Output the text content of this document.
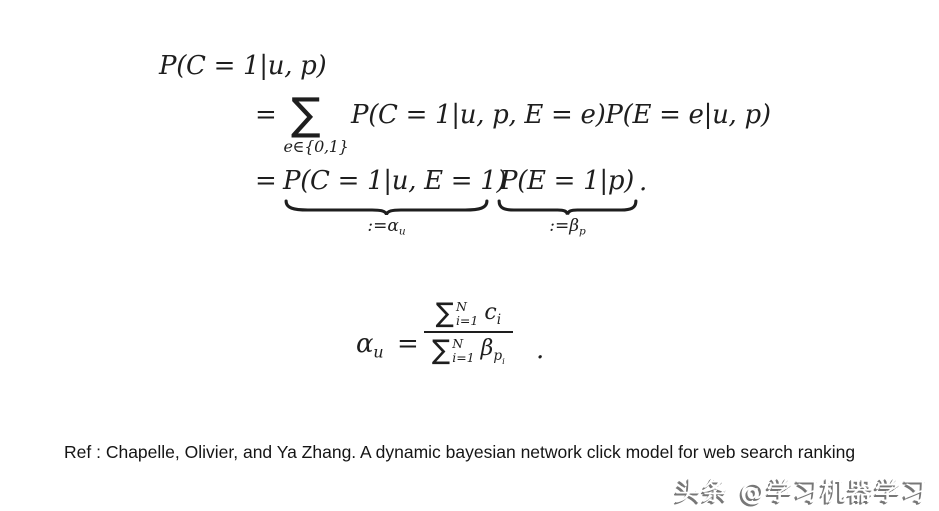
P(C = 1|u, p)
= ∑
e∈{0,1}
P(C = 1|u, p, E = e)P(E = e|u, p)
= P(C = 1|u, E = 1)
P(E = 1|p) .
$:=\alpha_u$	$:=\beta_p$
$\alpha_u$ =
∑ N
i=1 $c_i$
∑ N
i=1 $\beta_{p_i}$ .
Ref : Chapelle, Olivier, and Ya Zhang. A dynamic bayesian network click model for web search ranking
头条 @学习机器学习
